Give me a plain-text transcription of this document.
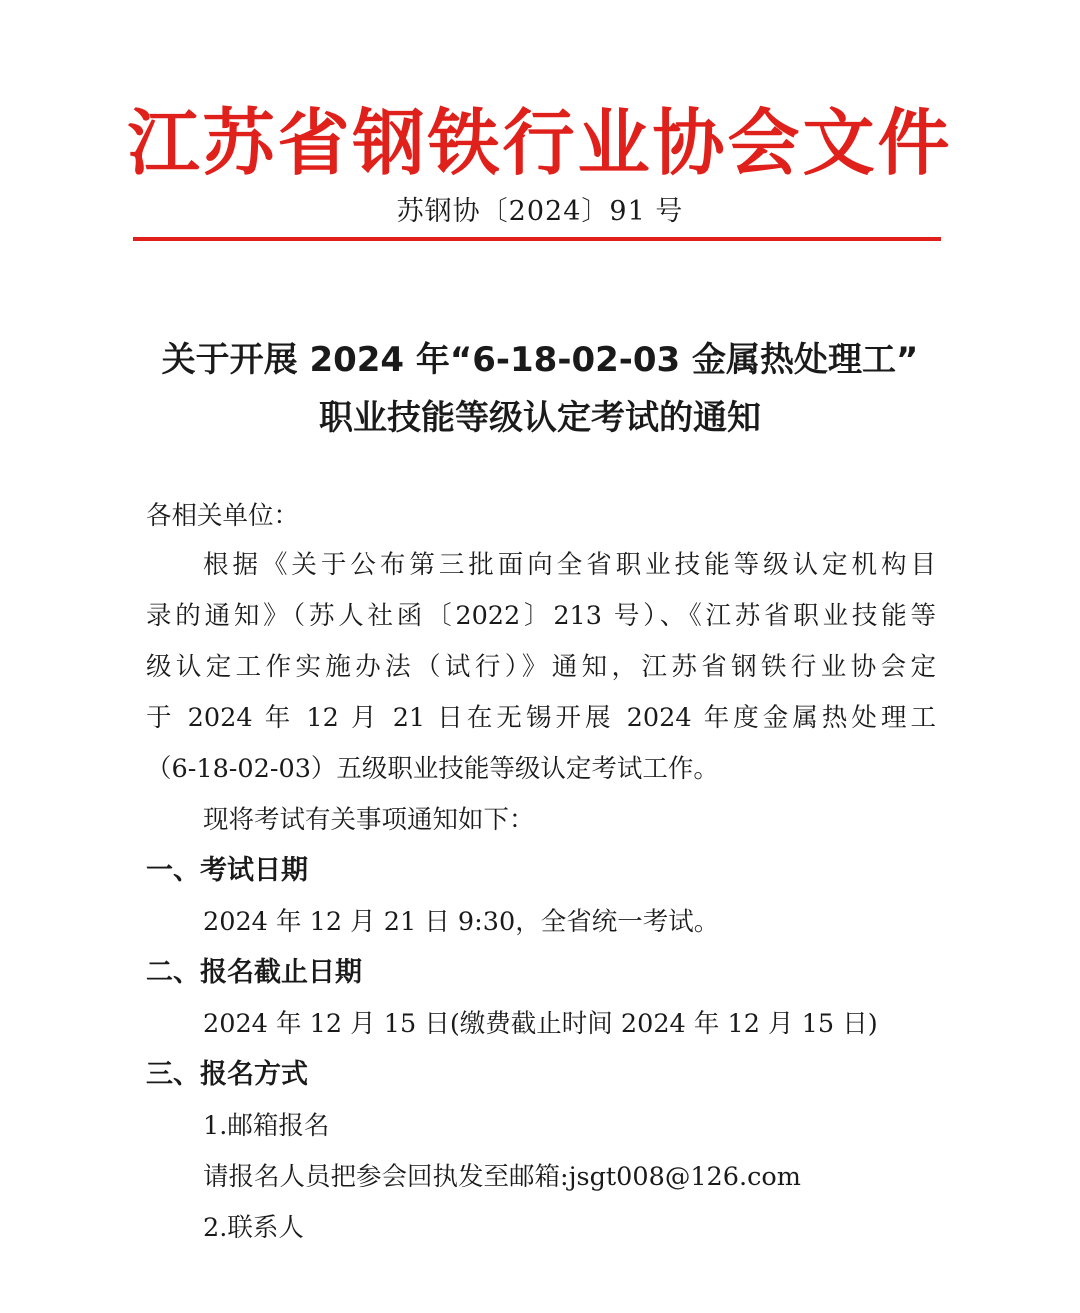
江苏省钢铁行业协会文件
苏钢协〔2024〕91 号
关于开展 2024 年“6-18-02-03 金属热处理工”
职业技能等级认定考试的通知
各相关单位：
根据《关于公布第三批面向全省职业技能等级认定机构目
录的通知》（苏人社函〔2022〕213 号）、《江苏省职业技能等
级认定工作实施办法（试行）》通知，江苏省钢铁行业协会定
于 2024 年 12 月 21 日在无锡开展 2024 年度金属热处理工
（6-18-02-03）五级职业技能等级认定考试工作。
现将考试有关事项通知如下：
一、考试日期
2024 年 12 月 21 日 9:30，全省统一考试。
二、报名截止日期
2024 年 12 月 15 日(缴费截止时间 2024 年 12 月 15 日)
三、报名方式
1.邮箱报名
请报名人员把参会回执发至邮箱:jsgt008@126.com
2.联系人
